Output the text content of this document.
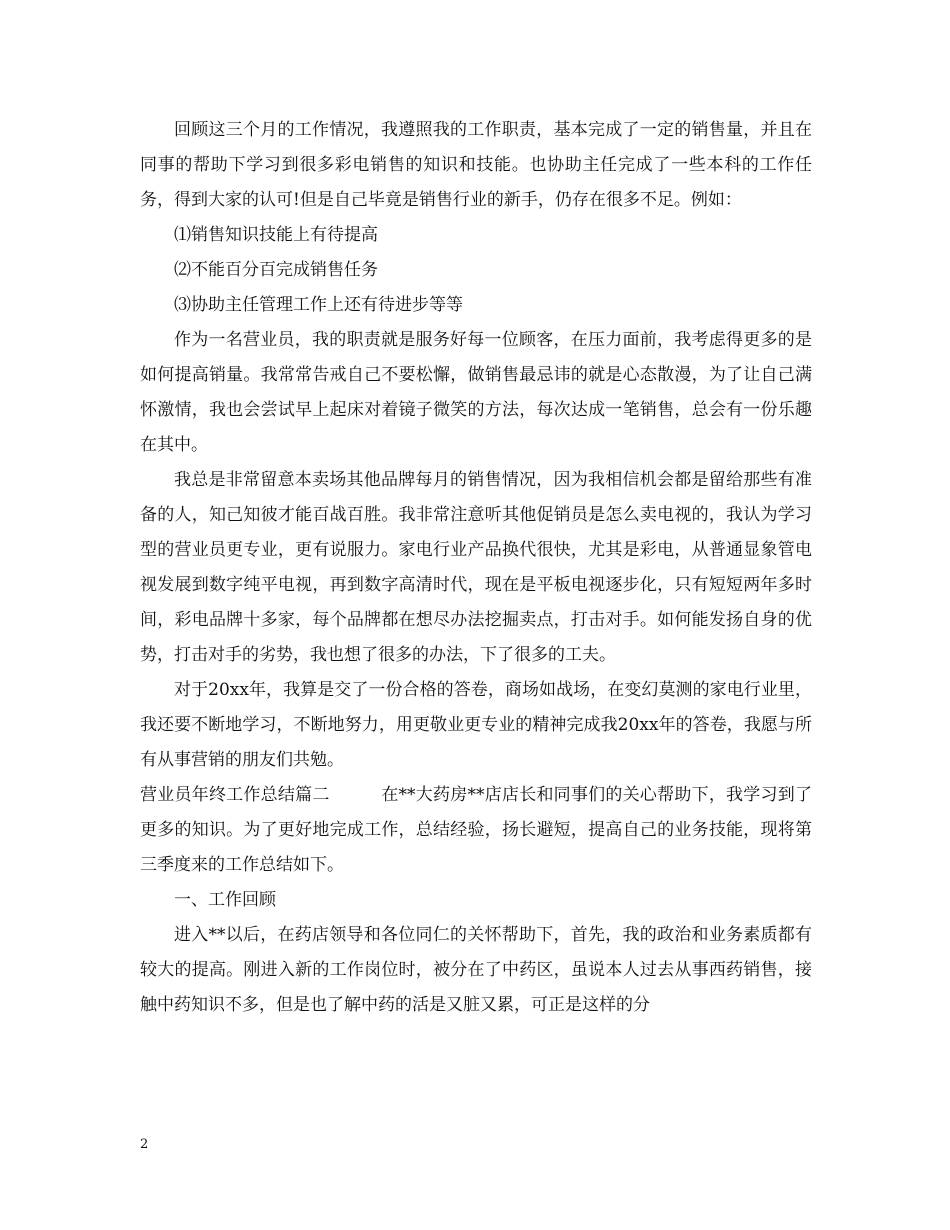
回顾这三个月的工作情况，我遵照我的工作职责，基本完成了一定的销售量，并且在同事的帮助下学习到很多彩电销售的知识和技能。也协助主任完成了一些本科的工作任务，得到大家的认可!但是自己毕竟是销售行业的新手，仍存在很多不足。例如：

⑴销售知识技能上有待提高

⑵不能百分百完成销售任务

⑶协助主任管理工作上还有待进步等等

作为一名营业员，我的职责就是服务好每一位顾客，在压力面前，我考虑得更多的是如何提高销量。我常常告戒自己不要松懈，做销售最忌讳的就是心态散漫，为了让自己满怀激情，我也会尝试早上起床对着镜子微笑的方法，每次达成一笔销售，总会有一份乐趣在其中。

我总是非常留意本卖场其他品牌每月的销售情况，因为我相信机会都是留给那些有准备的人，知己知彼才能百战百胜。我非常注意听其他促销员是怎么卖电视的，我认为学习型的营业员更专业，更有说服力。家电行业产品换代很快，尤其是彩电，从普通显象管电视发展到数字纯平电视，再到数字高清时代，现在是平板电视逐步化，只有短短两年多时间，彩电品牌十多家，每个品牌都在想尽办法挖掘卖点，打击对手。如何能发扬自身的优势，打击对手的劣势，我也想了很多的办法，下了很多的工夫。

对于20xx年，我算是交了一份合格的答卷，商场如战场，在变幻莫测的家电行业里，我还要不断地学习，不断地努力，用更敬业更专业的精神完成我20xx年的答卷，我愿与所有从事营销的朋友们共勉。

营业员年终工作总结篇二　　　在**大药房**店店长和同事们的关心帮助下，我学习到了更多的知识。为了更好地完成工作，总结经验，扬长避短，提高自己的业务技能，现将第三季度来的工作总结如下。

一、工作回顾

进入**以后，在药店领导和各位同仁的关怀帮助下，首先，我的政治和业务素质都有较大的提高。刚进入新的工作岗位时，被分在了中药区，虽说本人过去从事西药销售，接触中药知识不多，但是也了解中药的活是又脏又累，可正是这样的分

2
